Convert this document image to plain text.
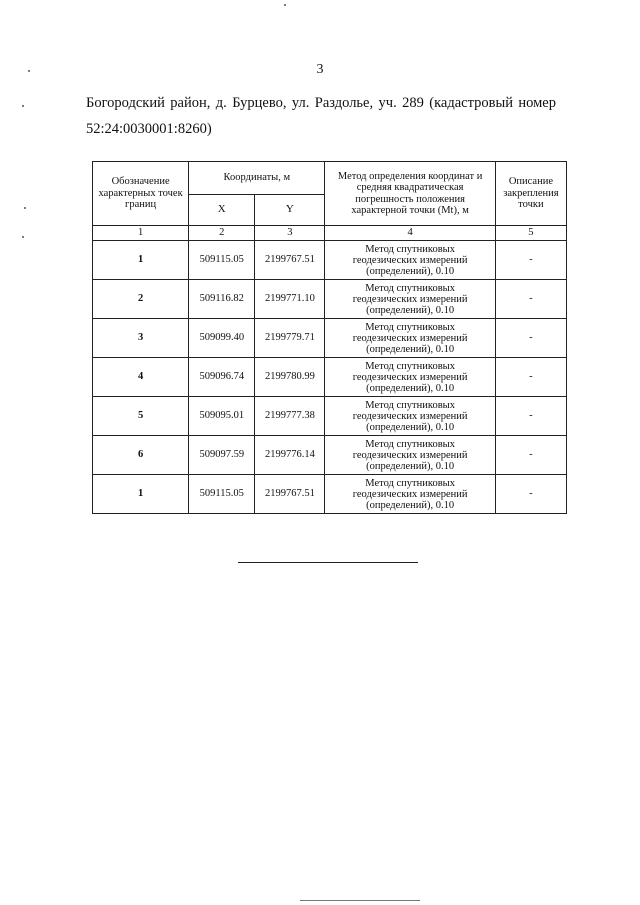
3
Богородский район, д. Бурцево, ул. Раздолье, уч. 289 (кадастровый номер 52:24:0030001:8260)
Обозначение характерных точек границ	Координаты, м		Метод определения координат и средняя квадратическая погрешность положения характерной точки (Mt), м	Описание закрепления точки
	X	Y		
1	2	3	4	5
1	509115.05	2199767.51	Метод спутниковых
геодезических измерений
(определений), 0.10	-
2	509116.82	2199771.10	Метод спутниковых
геодезических измерений
(определений), 0.10	-
3	509099.40	2199779.71	Метод спутниковых
геодезических измерений
(определений), 0.10	-
4	509096.74	2199780.99	Метод спутниковых
геодезических измерений
(определений), 0.10	-
5	509095.01	2199777.38	Метод спутниковых
геодезических измерений
(определений), 0.10	-
6	509097.59	2199776.14	Метод спутниковых
геодезических измерений
(определений), 0.10	-
1	509115.05	2199767.51	Метод спутниковых
геодезических измерений
(определений), 0.10	-
